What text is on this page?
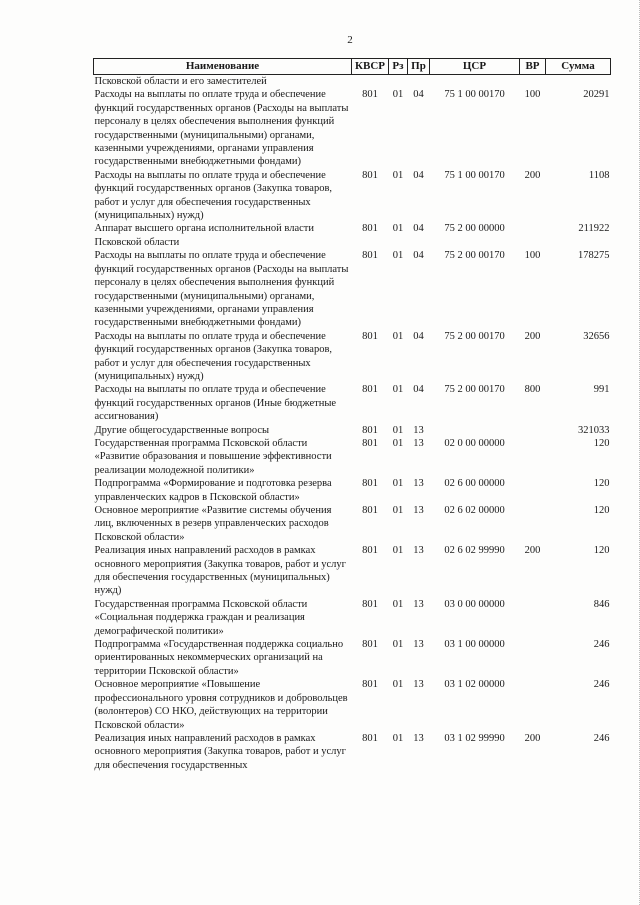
2
Наименование	КВСР	Рз	Пр	ЦСР	ВР	Сумма
Псковской области и его заместителей						
Расходы на выплаты по оплате труда и обеспечение функций государственных органов (Расходы на выплаты персоналу в целях обеспечения выполнения функций государственными (муниципальными) органами, казенными учреждениями, органами управления государственными внебюджетными фондами)	801	01	04	75 1 00 00170	100	20291
Расходы на выплаты по оплате труда и обеспечение функций государственных органов (Закупка товаров, работ и услуг для обеспечения государственных (муниципальных) нужд)	801	01	04	75 1 00 00170	200	1108
Аппарат высшего органа исполнительной власти Псковской области	801	01	04	75 2 00 00000		211922
Расходы на выплаты по оплате труда и обеспечение функций государственных органов (Расходы на выплаты персоналу в целях обеспечения выполнения функций государственными (муниципальными) органами, казенными учреждениями, органами управления государственными внебюджетными фондами)	801	01	04	75 2 00 00170	100	178275
Расходы на выплаты по оплате труда и обеспечение функций государственных органов (Закупка товаров, работ и услуг для обеспечения государственных (муниципальных) нужд)	801	01	04	75 2 00 00170	200	32656
Расходы на выплаты по оплате труда и обеспечение функций государственных органов (Иные бюджетные ассигнования)	801	01	04	75 2 00 00170	800	991
Другие общегосударственные вопросы	801	01	13			321033
Государственная программа Псковской области «Развитие образования и повышение эффективности реализации молодежной политики»	801	01	13	02 0 00 00000		120
Подпрограмма «Формирование и подготовка резерва управленческих кадров в Псковской области»	801	01	13	02 6 00 00000		120
Основное мероприятие «Развитие системы обучения лиц, включенных в резерв управленческих расходов Псковской области»	801	01	13	02 6 02 00000		120
Реализация иных направлений расходов в рамках основного мероприятия (Закупка товаров, работ и услуг для обеспечения государственных (муниципальных) нужд)	801	01	13	02 6 02 99990	200	120
Государственная программа Псковской области «Социальная поддержка граждан и реализация демографической политики»	801	01	13	03 0 00 00000		846
Подпрограмма «Государственная поддержка социально ориентированных некоммерческих организаций на территории Псковской области»	801	01	13	03 1 00 00000		246
Основное мероприятие «Повышение профессионального уровня сотрудников и добровольцев (волонтеров) СО НКО, действующих на территории Псковской области»	801	01	13	03 1 02 00000		246
Реализация иных направлений расходов в рамках основного мероприятия (Закупка товаров, работ и услуг для обеспечения государственных	801	01	13	03 1 02 99990	200	246
